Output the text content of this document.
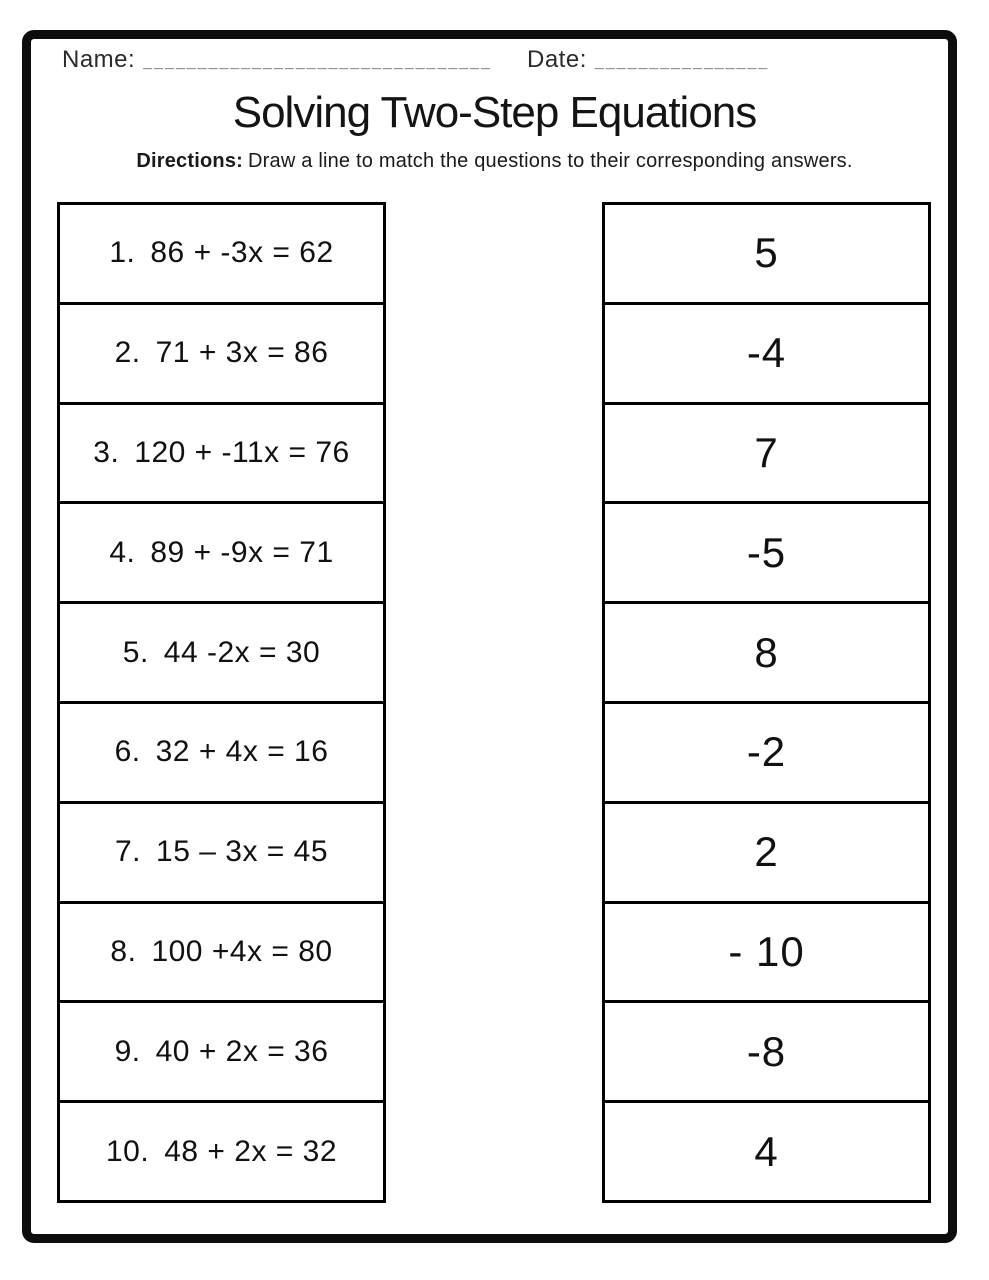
Name: ________________________________ Date: ________________
Solving Two-Step Equations

Directions: Draw a line to match the questions to their corresponding answers.

1. 86 + -3x = 62
2. 71 + 3x = 86
3. 120 + -11x = 76
4. 89 + -9x = 71
5. 44 -2x = 30
6. 32 + 4x = 16
7. 15 – 3x = 45
8. 100 +4x = 80
9. 40 + 2x = 36
10. 48 + 2x = 32
5
-4
7
-5
8
-2
2
- 10
-8
4
